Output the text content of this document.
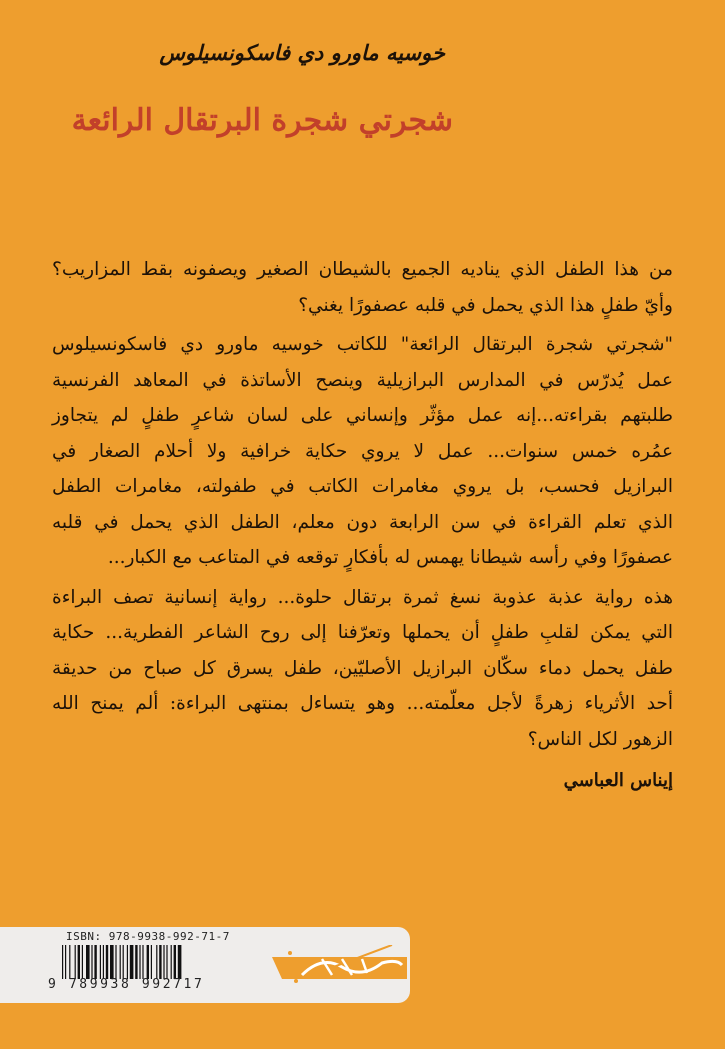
خوسيه ماورو دي فاسكونسيلوس
شجرتي شجرة البرتقال الرائعة
من هذا الطفل الذي يناديه الجميع بالشيطان الصغير ويصفونه بقط المزاريب؟
وأيّ طفلٍ هذا الذي يحمل في قلبه عصفورًا يغني؟
"شجرتي شجرة البرتقال الرائعة" للكاتب خوسيه ماورو دي فاسكونسيلوس
عمل يُدرّس في المدارس البرازيلية وينصح الأساتذة في المعاهد الفرنسية
طلبتهم بقراءته...إنه عمل مؤثّر وإنساني على لسان شاعرٍ طفلٍ لم يتجاوز
عمُره خمس سنوات... عمل لا يروي حكاية خرافية ولا أحلام الصغار في
البرازيل فحسب، بل يروي مغامرات الكاتب في طفولته، مغامرات الطفل
الذي تعلم القراءة في سن الرابعة دون معلم، الطفل الذي يحمل في قلبه
عصفورًا وفي رأسه شيطانا يهمس له بأفكارٍ توقعه في المتاعب مع الكبار...
هذه رواية عذبة عذوبة نسغ ثمرة برتقال حلوة... رواية إنسانية تصف البراءة
التي يمكن لقلبِ طفلٍ أن يحملها وتعرّفنا إلى روح الشاعر الفطرية... حكاية
طفل يحمل دماء سكّان البرازيل الأصليّين، طفل يسرق كل صباح من حديقة
أحد الأثرياء زهرةً لأجل معلّمته... وهو يتساءل بمنتهى البراءة: ألم يمنح الله
الزهور لكل الناس؟
إيناس العباسي
ISBN: 978-9938-992-71-7
9 789938 992717
